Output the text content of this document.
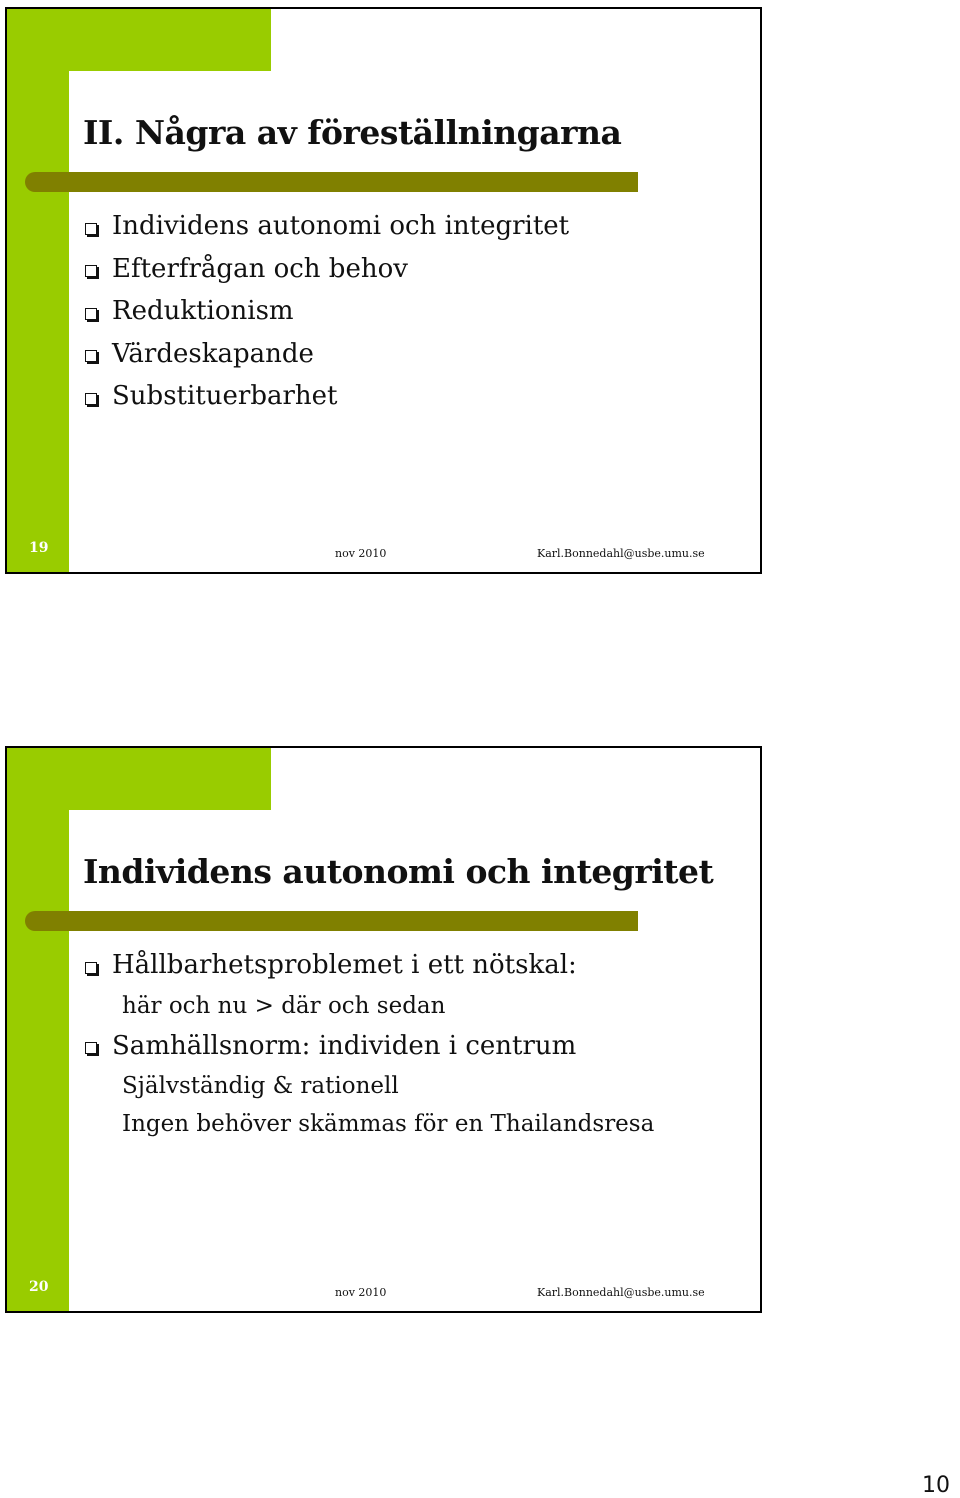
II. Några av föreställningarna
Individens autonomi och integritet
Efterfrågan och behov
Reduktionism
Värdeskapande
Substituerbarhet
19	nov 2010	Karl.Bonnedahl@usbe.umu.se
Individens autonomi och integritet
Hållbarhetsproblemet i ett nötskal:
här och nu > där och sedan
Samhällsnorm: individen i centrum
Självständig & rationell
Ingen behöver skämmas för en Thailandsresa
20	nov 2010	Karl.Bonnedahl@usbe.umu.se
10
